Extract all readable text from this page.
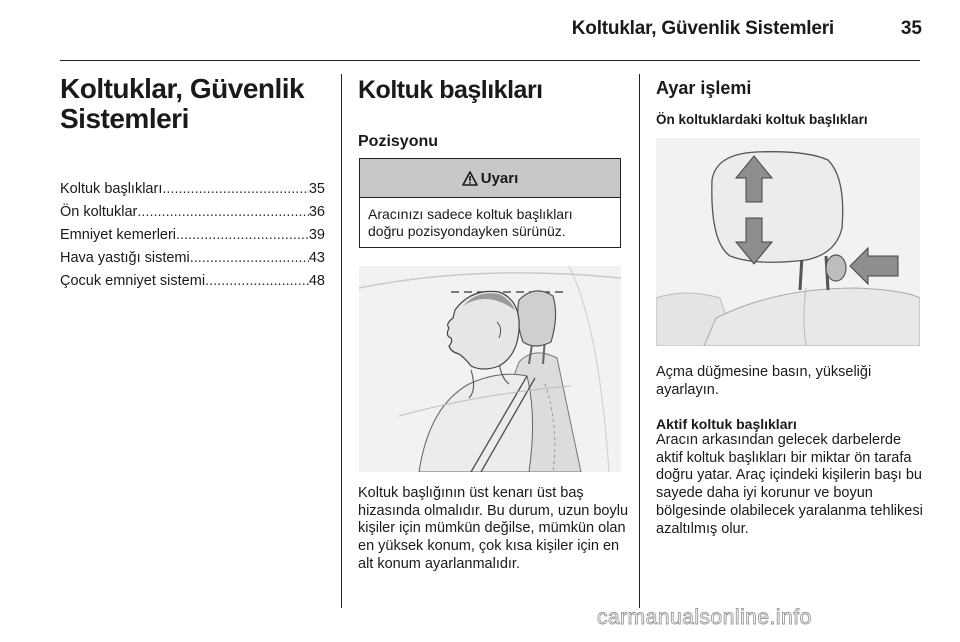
Koltuklar, Güvenlik Sistemleri	35
Koltuklar, Güvenlik Sistemleri
Koltuk başlıkları .....	35
Ön koltuklar .....	36
Emniyet kemerleri .....	39
Hava yastığı sistemi .....	43
Çocuk emniyet sistemi .....	48
Koltuk başlıkları
Pozisyonu
Uyarı
Aracınızı sadece koltuk başlıkları doğru pozisyondayken sürünüz.
Koltuk başlığının üst kenarı üst baş hizasında olmalıdır. Bu durum, uzun boylu kişiler için mümkün değilse, mümkün olan en yüksek konum, çok kısa kişiler için en alt konum ayarlanmalıdır.
Ayar işlemi
Ön koltuklardaki koltuk başlıkları
Açma düğmesine basın, yükseliği ayarlayın.
Aktif koltuk başlıkları
Aracın arkasından gelecek darbelerde aktif koltuk başlıkları bir miktar ön tarafa doğru yatar. Araç içindeki kişilerin başı bu sayede daha iyi korunur ve boyun bölgesinde olabilecek yaralanma tehlikesi azaltılmış olur.
carmanualsonline.info
